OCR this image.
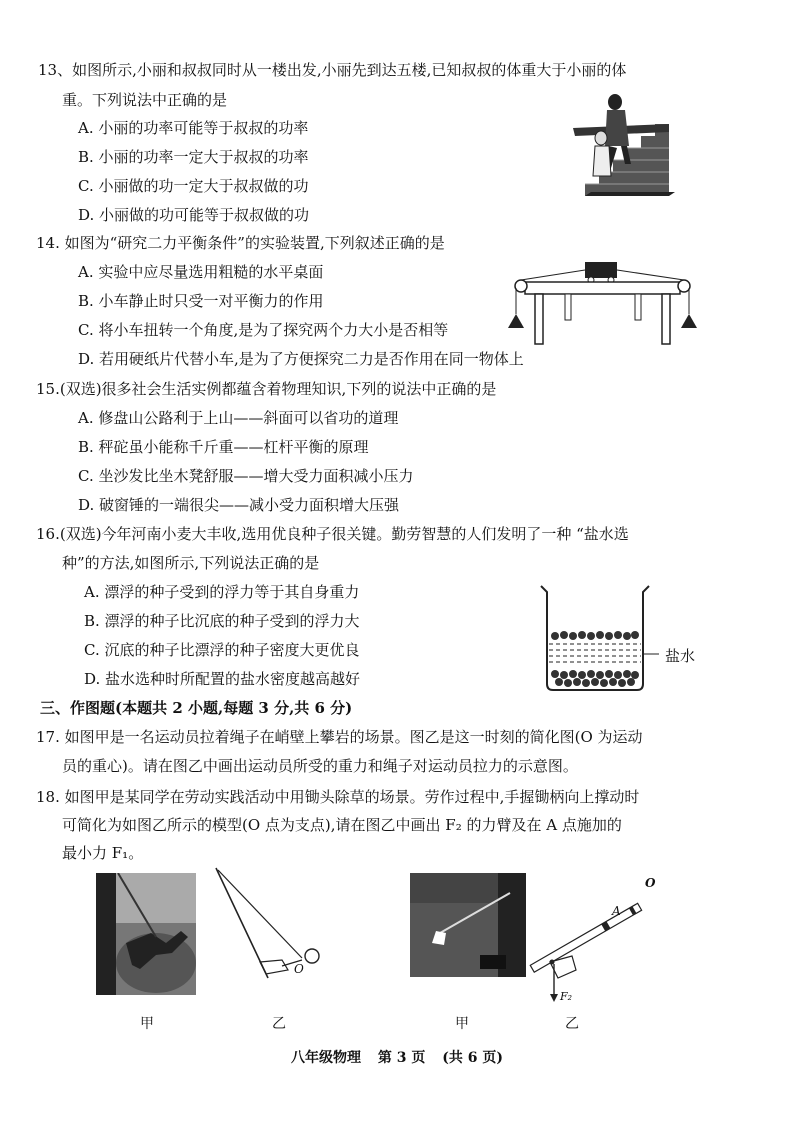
13、如图所示,小丽和叔叔同时从一楼出发,小丽先到达五楼,已知叔叔的体重大于小丽的体
重。下列说法中正确的是
A. 小丽的功率可能等于叔叔的功率
B. 小丽的功率一定大于叔叔的功率
C. 小丽做的功一定大于叔叔做的功
D. 小丽做的功可能等于叔叔做的功
14. 如图为“研究二力平衡条件”的实验装置,下列叙述正确的是
A. 实验中应尽量选用粗糙的水平桌面
B. 小车静止时只受一对平衡力的作用
C. 将小车扭转一个角度,是为了探究两个力大小是否相等
D. 若用硬纸片代替小车,是为了方便探究二力是否作用在同一物体上
15.(双选)很多社会生活实例都蕴含着物理知识,下列的说法中正确的是
A. 修盘山公路利于上山——斜面可以省功的道理
B. 秤砣虽小能称千斤重——杠杆平衡的原理
C. 坐沙发比坐木凳舒服——增大受力面积减小压力
D. 破窗锤的一端很尖——减小受力面积增大压强
16.(双选)今年河南小麦大丰收,选用优良种子很关键。勤劳智慧的人们发明了一种 “盐水选
种”的方法,如图所示,下列说法正确的是
A. 漂浮的种子受到的浮力等于其自身重力
B. 漂浮的种子比沉底的种子受到的浮力大
C. 沉底的种子比漂浮的种子密度大更优良
D. 盐水选种时所配置的盐水密度越高越好
盐水
三、作图题(本题共 2 小题,每题 3 分,共 6 分)
17. 如图甲是一名运动员拉着绳子在峭壁上攀岩的场景。图乙是这一时刻的简化图(O 为运动
员的重心)。请在图乙中画出运动员所受的重力和绳子对运动员拉力的示意图。
18. 如图甲是某同学在劳动实践活动中用锄头除草的场景。劳作过程中,手握锄柄向上撑动时
可简化为如图乙所示的模型(O 点为支点),请在图乙中画出 F₂ 的力臂及在 A 点施加的
最小力 F₁。
甲
O
乙	甲
O
A
F₂
乙
八年级物理 第 3 页 (共 6 页)
